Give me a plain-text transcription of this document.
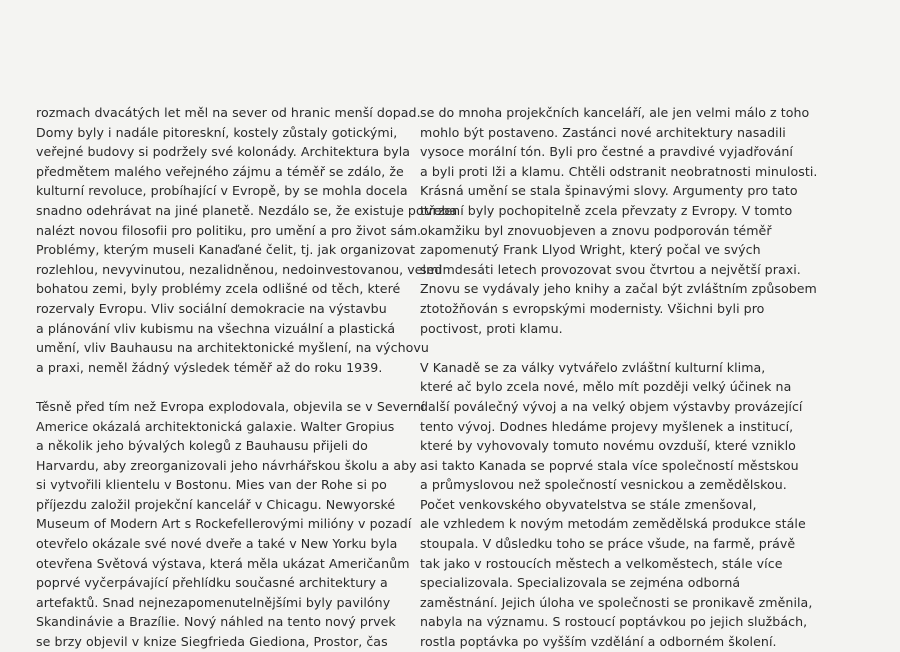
rozmach dvacátých let měl na sever od hranic menší dopad.
Domy byly i nadále pitoreskní, kostely zůstaly gotickými,
veřejné budovy si podržely své kolonády. Architektura byla
předmětem malého veřejného zájmu a téměř se zdálo, že
kulturní revoluce, probíhající v Evropě, by se mohla docela
snadno odehrávat na jiné planetě. Nezdálo se, že existuje potřeba
nalézt novou filosofii pro politiku, pro umění a pro život sám.
Problémy, kterým museli Kanaďané čelit, tj. jak organizovat
rozlehlou, nevyvinutou, nezalidněnou, nedoinvestovanou, velmi
bohatou zemi, byly problémy zcela odlišné od těch, které
rozervaly Evropu. Vliv sociální demokracie na výstavbu
a plánování vliv kubismu na všechna vizuální a plastická
umění, vliv Bauhausu na architektonické myšlení, na výchovu
a praxi, neměl žádný výsledek téměř až do roku 1939.

Těsně před tím než Evropa explodovala, objevila se v Severní
Americe okázalá architektonická galaxie. Walter Gropius
a několik jeho bývalých kolegů z Bauhausu přijeli do
Harvardu, aby zreorganizovali jeho návrhářskou školu a aby
si vytvořili klientelu v Bostonu. Mies van der Rohe si po
příjezdu založil projekční kancelář v Chicagu. Newyorské
Museum of Modern Art s Rockefellerovými milióny v pozadí
otevřelo okázale své nové dveře a také v New Yorku byla
otevřena Světová výstava, která měla ukázat Američanům
poprvé vyčerpávající přehlídku současné architektury a
artefaktů. Snad nejnezapomenutelnějšími byly pavilóny
Skandinávie a Brazílie. Nový náhled na tento nový prvek
se brzy objevil v knize Siegfrieda Giediona, Prostor, čas

se do mnoha projekčních kanceláří, ale jen velmi málo z toho
mohlo být postaveno. Zastánci nové architektury nasadili
vysoce morální tón. Byli pro čestné a pravdivé vyjadřování
a byli proti lži a klamu. Chtěli odstranit neobratnosti minulosti.
Krásná umění se stala špinavými slovy. Argumenty pro tato
tvrzení byly pochopitelně zcela převzaty z Evropy. V tomto
okamžiku byl znovuobjeven a znovu podporován téměř
zapomenutý Frank Llyod Wright, který počal ve svých
sedmdesáti letech provozovat svou čtvrtou a největší praxi.
Znovu se vydávaly jeho knihy a začal být zvláštním způsobem
ztotožňován s evropskými modernisty. Všichni byli pro
poctivost, proti klamu.

V Kanadě se za války vytvářelo zvláštní kulturní klima,
které ač bylo zcela nové, mělo mít později velký účinek na
další poválečný vývoj a na velký objem výstavby provázející
tento vývoj. Dodnes hledáme projevy myšlenek a institucí,
které by vyhovovaly tomuto novému ovzduší, které vzniklo
asi takto Kanada se poprvé stala více společností městskou
a průmyslovou než společností vesnickou a zemědělskou.
Počet venkovského obyvatelstva se stále zmenšoval,
ale vzhledem k novým metodám zemědělská produkce stále
stoupala. V důsledku toho se práce všude, na farmě, právě
tak jako v rostoucích městech a velkoměstech, stále více
specializovala. Specializovala se zejména odborná
zaměstnání. Jejich úloha ve společnosti se pronikavě změnila,
nabyla na významu. S rostoucí poptávkou po jejich službách,
rostla poptávka po vyšším vzdělání a odborném školení.
